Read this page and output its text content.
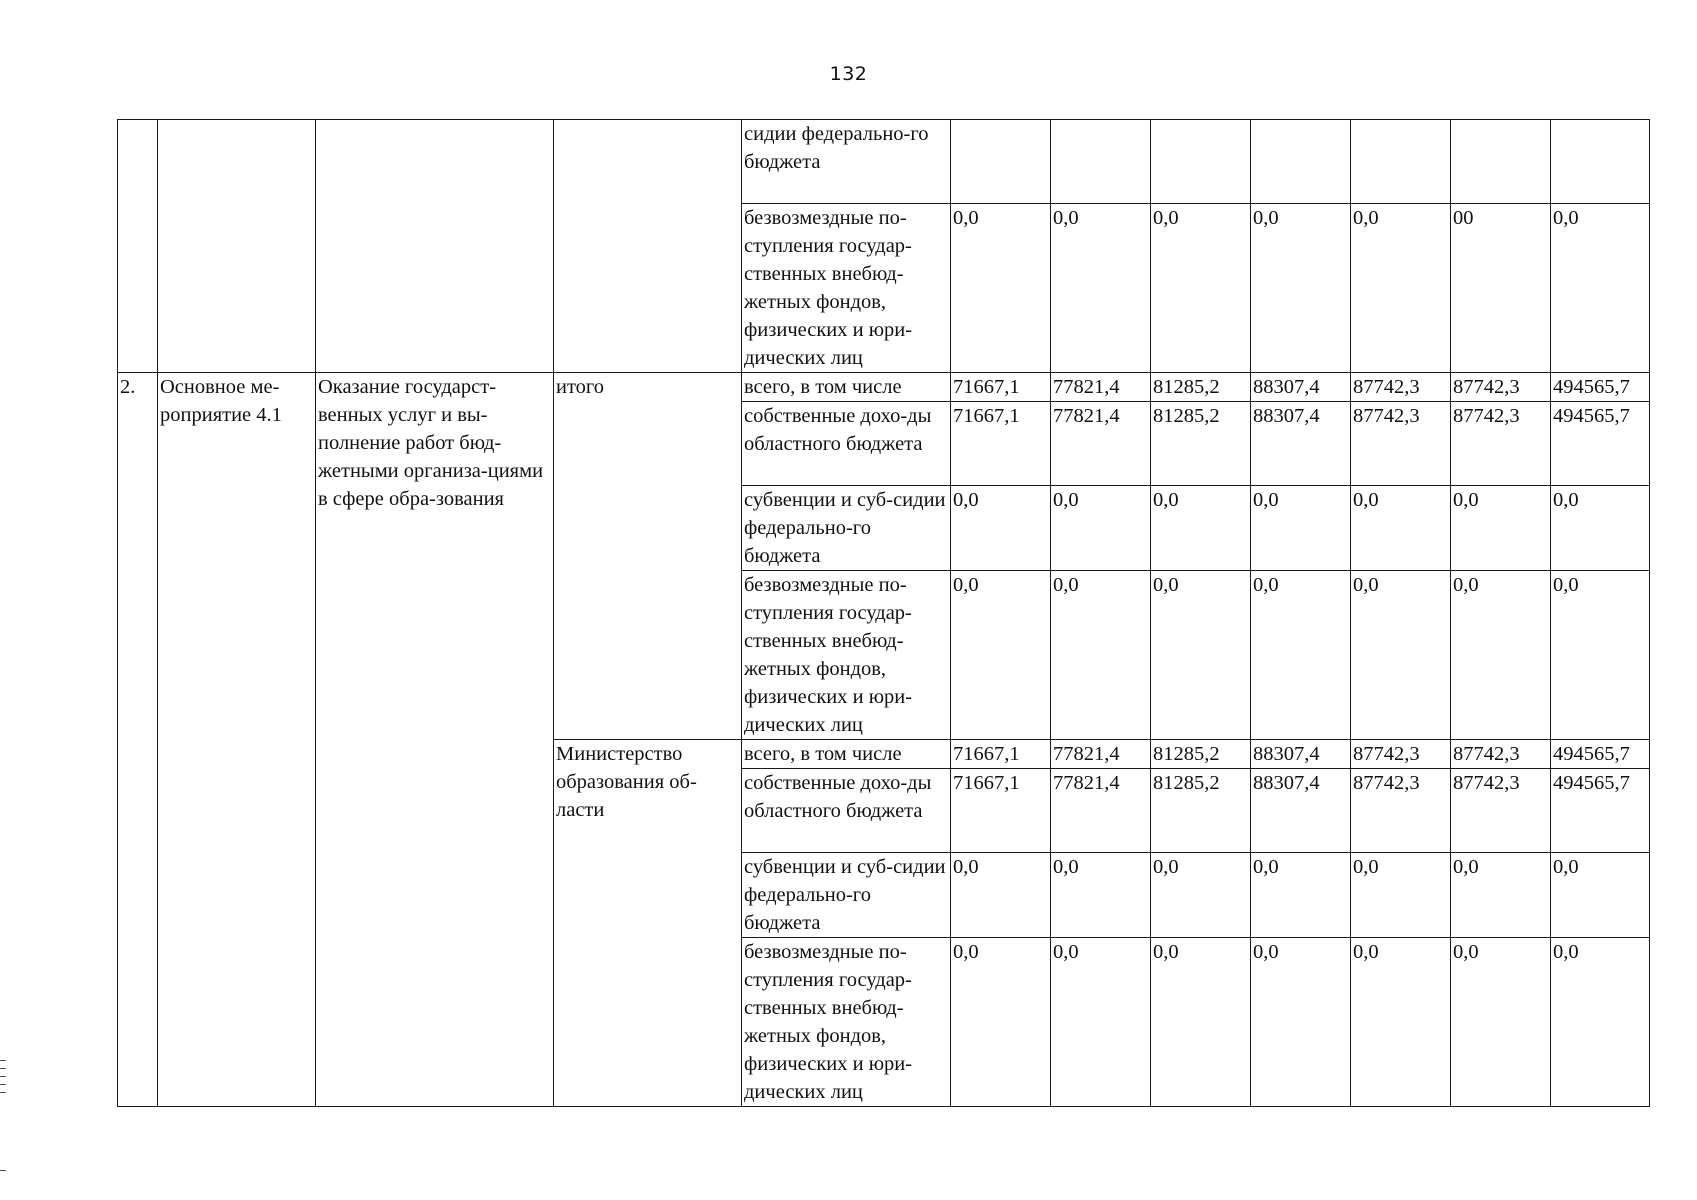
132
				сидии федерально-го бюджета							
				безвозмездные по-ступления государ-ственных внебюд-жетных фондов, физических и юри-дических лиц	0,0	0,0	0,0	0,0	0,0	00	0,0
2.	Основное ме-роприятие 4.1	Оказание государст-венных услуг и вы-полнение работ бюд-жетными организа-циями в сфере обра-зования	итого	всего, в том числе	71667,1	77821,4	81285,2	88307,4	87742,3	87742,3	494565,7
				собственные дохо-ды областного бюджета	71667,1	77821,4	81285,2	88307,4	87742,3	87742,3	494565,7
				субвенции и суб-сидии федерально-го бюджета	0,0	0,0	0,0	0,0	0,0	0,0	0,0
				безвозмездные по-ступления государ-ственных внебюд-жетных фондов, физических и юри-дических лиц	0,0	0,0	0,0	0,0	0,0	0,0	0,0
			Министерство образования об-ласти	всего, в том числе	71667,1	77821,4	81285,2	88307,4	87742,3	87742,3	494565,7
				собственные дохо-ды областного бюджета	71667,1	77821,4	81285,2	88307,4	87742,3	87742,3	494565,7
				субвенции и суб-сидии федерально-го бюджета	0,0	0,0	0,0	0,0	0,0	0,0	0,0
				безвозмездные по-ступления государ-ственных внебюд-жетных фондов, физических и юри-дических лиц	0,0	0,0	0,0	0,0	0,0	0,0	0,0
